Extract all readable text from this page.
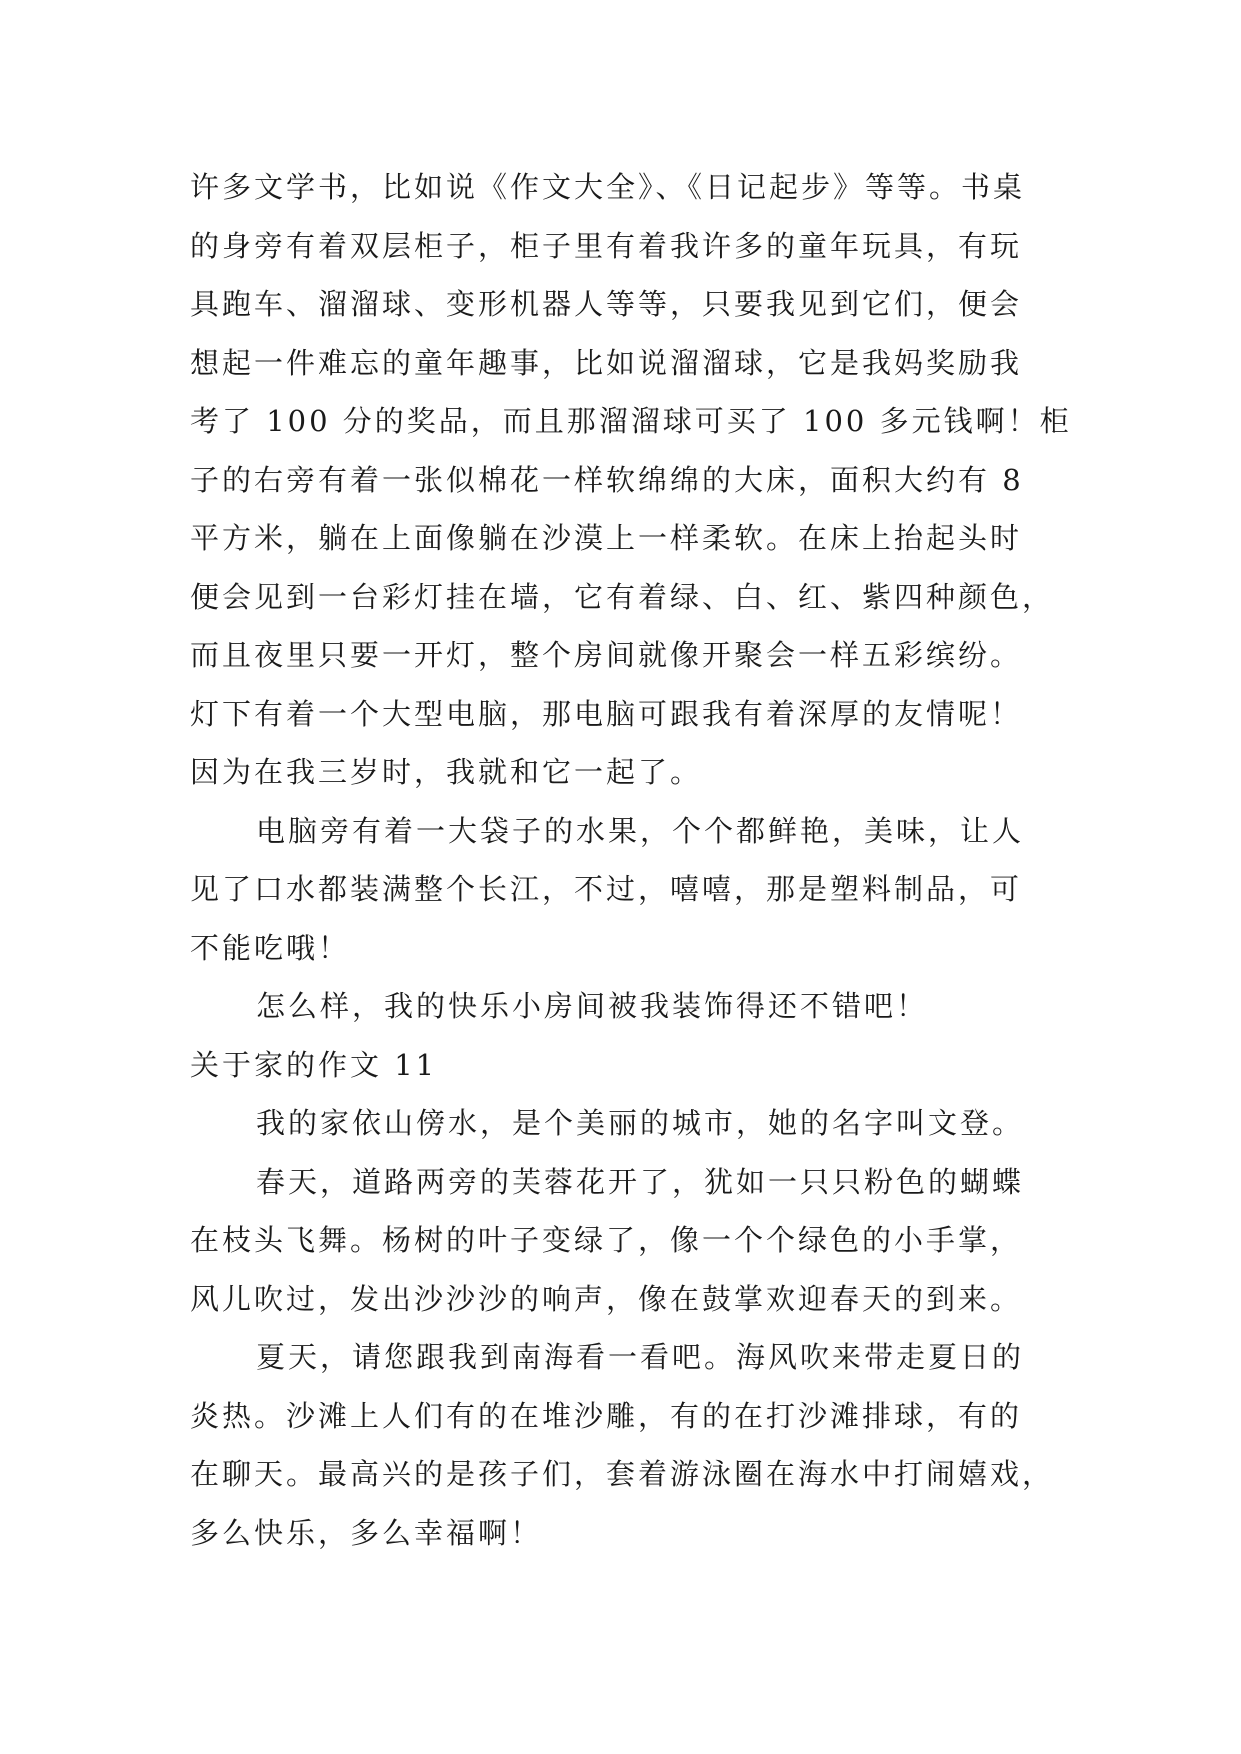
许多文学书，比如说《作文大全》、《日记起步》等等。书桌
的身旁有着双层柜子，柜子里有着我许多的童年玩具，有玩
具跑车、溜溜球、变形机器人等等，只要我见到它们，便会
想起一件难忘的童年趣事，比如说溜溜球，它是我妈奖励我
考了 100 分的奖品，而且那溜溜球可买了 100 多元钱啊！柜
子的右旁有着一张似棉花一样软绵绵的大床，面积大约有 8
平方米，躺在上面像躺在沙漠上一样柔软。在床上抬起头时
便会见到一台彩灯挂在墙，它有着绿、白、红、紫四种颜色，
而且夜里只要一开灯，整个房间就像开聚会一样五彩缤纷。
灯下有着一个大型电脑，那电脑可跟我有着深厚的友情呢！
因为在我三岁时，我就和它一起了。
电脑旁有着一大袋子的水果，个个都鲜艳，美味，让人
见了口水都装满整个长江，不过，嘻嘻，那是塑料制品，可
不能吃哦！
怎么样，我的快乐小房间被我装饰得还不错吧！
关于家的作文 11
我的家依山傍水，是个美丽的城市，她的名字叫文登。
春天，道路两旁的芙蓉花开了，犹如一只只粉色的蝴蝶
在枝头飞舞。杨树的叶子变绿了，像一个个绿色的小手掌，
风儿吹过，发出沙沙沙的响声，像在鼓掌欢迎春天的到来。
夏天，请您跟我到南海看一看吧。海风吹来带走夏日的
炎热。沙滩上人们有的在堆沙雕，有的在打沙滩排球，有的
在聊天。最高兴的是孩子们，套着游泳圈在海水中打闹嬉戏，
多么快乐，多么幸福啊！
